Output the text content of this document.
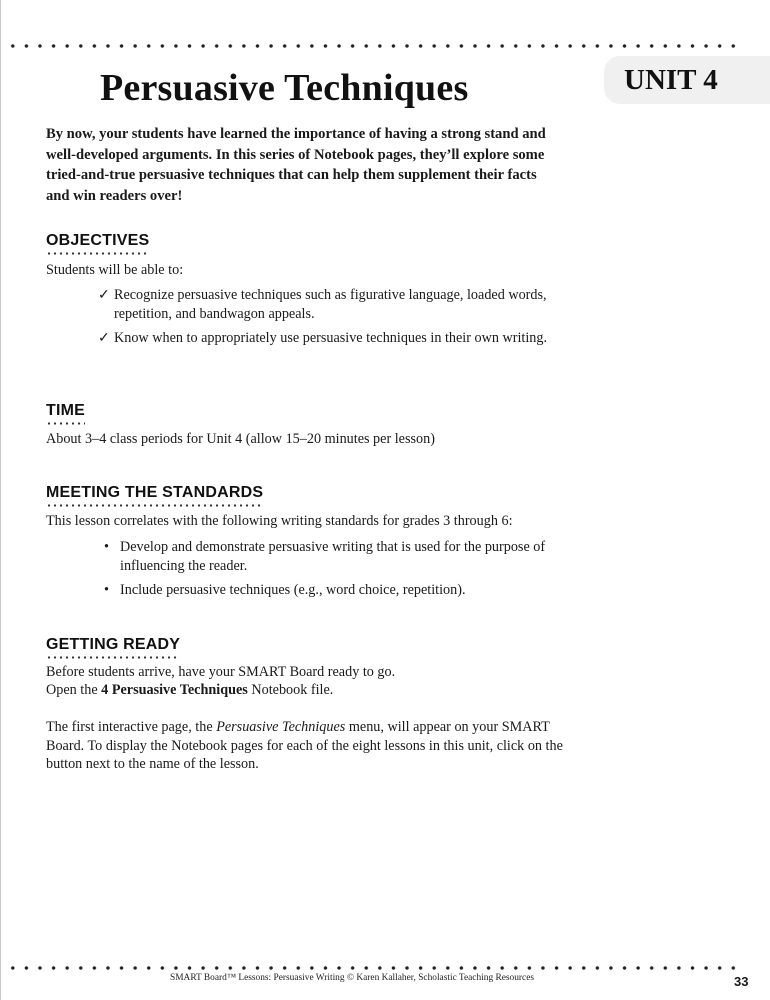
UNIT 4
Persuasive Techniques

By now, your students have learned the importance of having a strong stand and well-developed arguments. In this series of Notebook pages, they’ll explore some tried-and-true persuasive techniques that can help them supplement their facts and win readers over!

OBJECTIVES

Students will be able to:

✓ Recognize persuasive techniques such as figurative language, loaded words, repetition, and bandwagon appeals.
✓ Know when to appropriately use persuasive techniques in their own writing.
TIME

About 3–4 class periods for Unit 4 (allow 15–20 minutes per lesson)

MEETING THE STANDARDS

This lesson correlates with the following writing standards for grades 3 through 6:

• Develop and demonstrate persuasive writing that is used for the purpose of influencing the reader.
• Include persuasive techniques (e.g., word choice, repetition).
GETTING READY

Before students arrive, have your SMART Board ready to go.

Open the 4 Persuasive Techniques Notebook file.

The first interactive page, the Persuasive Techniques menu, will appear on your SMART Board. To display the Notebook pages for each of the eight lessons in this unit, click on the button next to the name of the lesson.

SMART Board™ Lessons: Persuasive Writing © Karen Kallaher, Scholastic Teaching Resources	33
